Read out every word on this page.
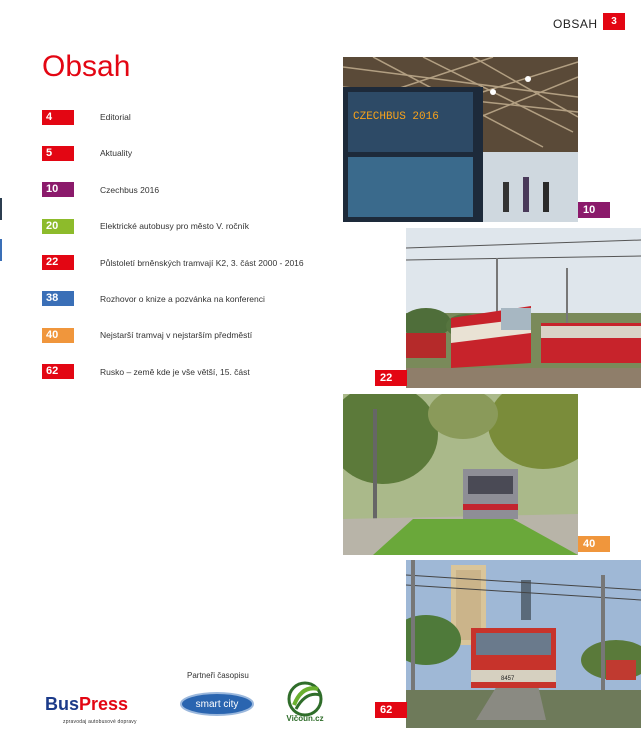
OBSAH	3
Obsah
4	Editorial
5	Aktuality
10	Czechbus 2016
20	Elektrické autobusy pro město V. ročník
22	Půlstoletí brněnských tramvají K2, 3. část 2000 - 2016
38	Rozhovor o knize a pozvánka na konferenci
40	Nejstarší tramvaj v nejstarším předměstí
62	Rusko – země kde je vše větší, 15. část
CZECHBUS 2016
10
22
40
8457
62
Partneři časopisu
BusPress
zpravodaj autobusové dopravy
smart city
Vičoun.cz
